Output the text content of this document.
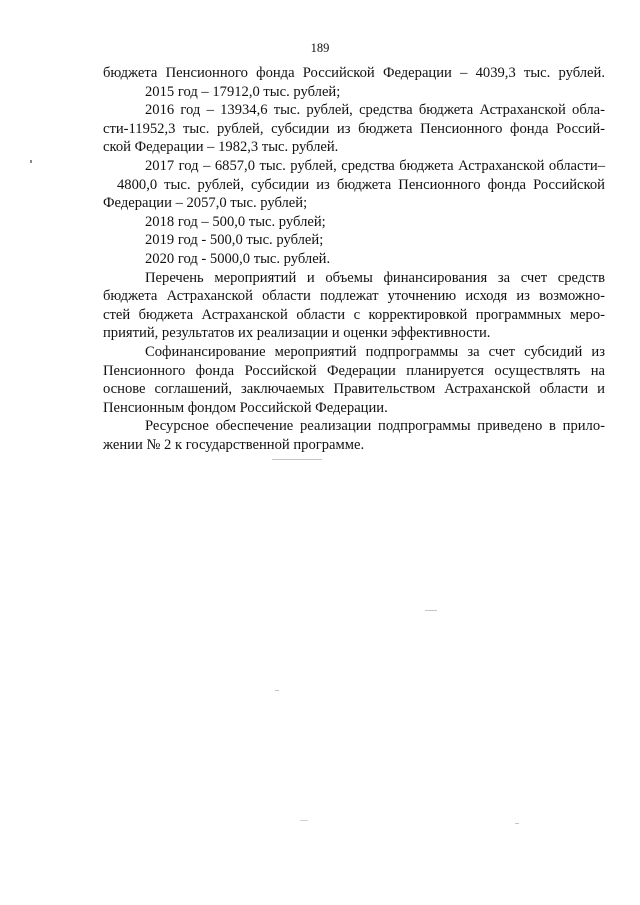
189
бюджета Пенсионного фонда Российской Федерации – 4039,3 тыс. рублей.
2015 год – 17912,0 тыс. рублей;
2016 год – 13934,6 тыс. рублей, средства бюджета Астраханской обла-
сти-11952,3 тыс. рублей, субсидии из бюджета Пенсионного фонда Россий-
ской Федерации – 1982,3 тыс. рублей.
2017 год – 6857,0 тыс. рублей, средства бюджета Астраханской области–
4800,0 тыс. рублей, субсидии из бюджета Пенсионного фонда Российской
Федерации – 2057,0 тыс. рублей;
2018 год – 500,0 тыс. рублей;
2019 год - 500,0 тыс. рублей;
2020 год - 5000,0 тыс. рублей.
Перечень мероприятий и объемы финансирования за счет средств
бюджета Астраханской области подлежат уточнению исходя из возможно-
стей бюджета Астраханской области с корректировкой программных меро-
приятий, результатов их реализации и оценки эффективности.
Софинансирование мероприятий подпрограммы за счет субсидий из
Пенсионного фонда Российской Федерации планируется осуществлять на
основе соглашений, заключаемых Правительством Астраханской области и
Пенсионным фондом Российской Федерации.
Ресурсное обеспечение реализации подпрограммы приведено в прило-
жении № 2 к государственной программе.
